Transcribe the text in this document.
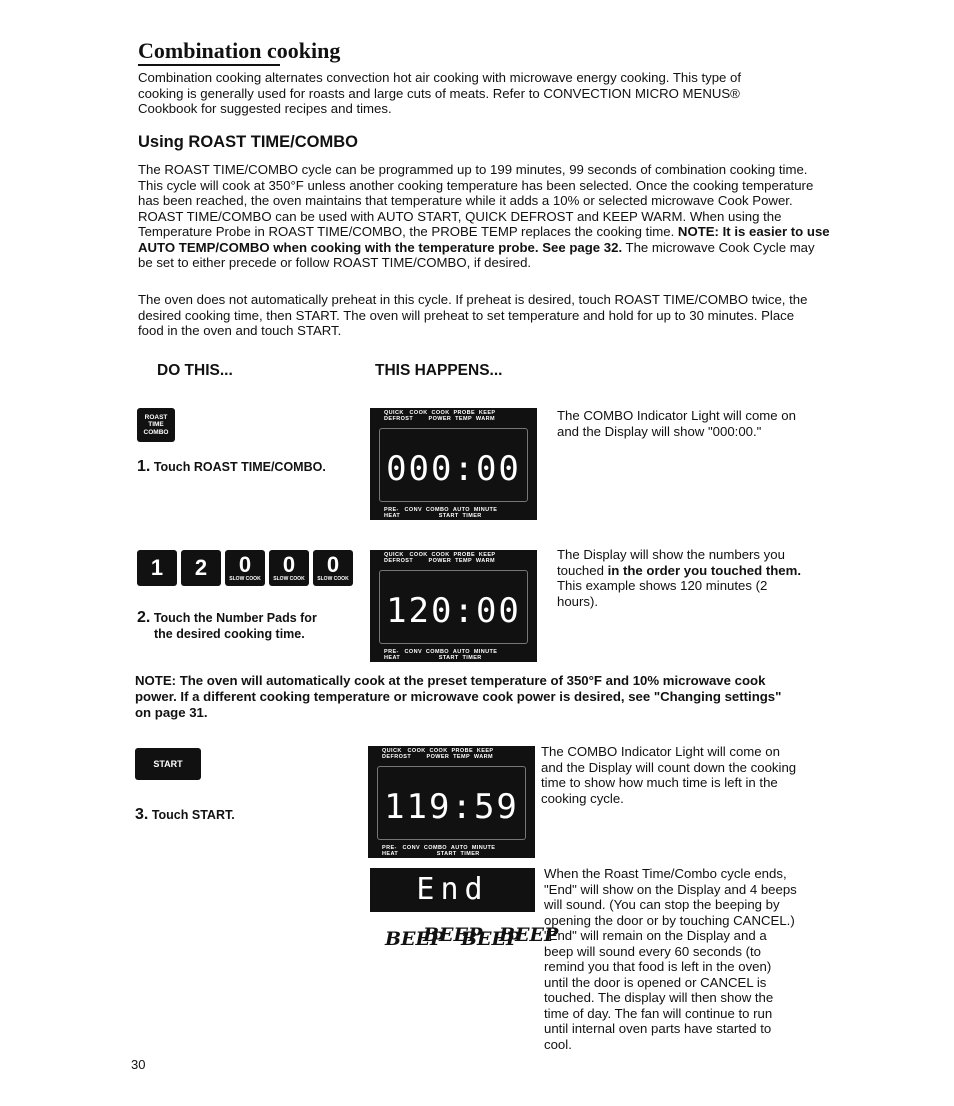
Combination cooking

Combination cooking alternates convection hot air cooking with microwave energy cooking. This type of cooking is generally used for roasts and large cuts of meats. Refer to CONVECTION MICRO MENUS® Cookbook for suggested recipes and times.

Using ROAST TIME/COMBO

The ROAST TIME/COMBO cycle can be programmed up to 199 minutes, 99 seconds of combination cooking time. This cycle will cook at 350°F unless another cooking temperature has been selected. Once the cooking temperature has been reached, the oven maintains that temperature while it adds a 10% or selected microwave Cook Power. ROAST TIME/COMBO can be used with AUTO START, QUICK DEFROST and KEEP WARM. When using the Temperature Probe in ROAST TIME/COMBO, the PROBE TEMP replaces the cooking time. NOTE: It is easier to use AUTO TEMP/COMBO when cooking with the temperature probe. See page 32. The microwave Cook Cycle may be set to either precede or follow ROAST TIME/COMBO, if desired.

The oven does not automatically preheat in this cycle. If preheat is desired, touch ROAST TIME/COMBO twice, the desired cooking time, then START. The oven will preheat to set temperature and hold for up to 30 minutes. Place food in the oven and touch START.

DO THIS...	THIS HAPPENS...
ROAST
TIME
COMBO
1. Touch ROAST TIME/COMBO.
QUICK COOK COOK PROBE KEEP
DEFROST	POWER TEMP WARM
000:00
PRE- CONV COMBO AUTO MINUTE
HEAT	START TIMER

The COMBO Indicator Light will come on and the Display will show "000:00."

1 2 0
SLOW COOK
0
SLOW COOK
0
SLOW COOK
2. Touch the Number Pads for
the desired cooking time.
QUICK COOK COOK PROBE KEEP
DEFROST	POWER TEMP WARM
120:00
PRE- CONV COMBO AUTO MINUTE
HEAT	START TIMER

The Display will show the numbers you touched in the order you touched them. This example shows 120 minutes (2 hours).

NOTE: The oven will automatically cook at the preset temperature of 350°F and 10% microwave cook power. If a different cooking temperature or microwave cook power is desired, see "Changing settings" on page 31.

START
3. Touch START.
QUICK COOK COOK PROBE KEEP
DEFROST	POWER TEMP WARM
119:59
PRE- CONV COMBO AUTO MINUTE
HEAT	START TIMER

The COMBO Indicator Light will come on and the Display will count down the cooking time to show how much time is left in the cooking cycle.

End
BEEP
BEEP
BEEP
BEEP

When the Roast Time/Combo cycle ends, "End" will show on the Display and 4 beeps will sound. (You can stop the beeping by opening the door or by touching CANCEL.) "End" will remain on the Display and a beep will sound every 60 seconds (to remind you that food is left in the oven) until the door is opened or CANCEL is touched. The display will then show the time of day. The fan will continue to run until internal oven parts have started to cool.

30
